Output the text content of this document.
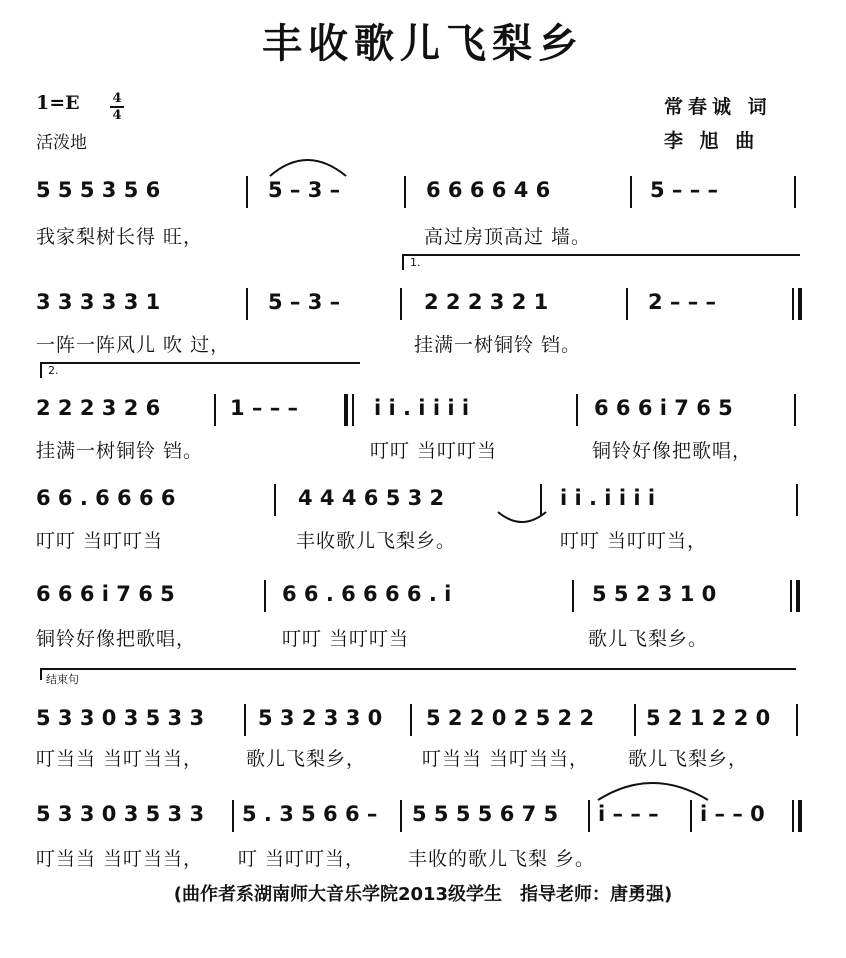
丰收歌儿飞梨乡
1=E	4
4
活泼地
常春诚 词
李 旭 曲
5 5 5 3 5 6	5 – 3 –	6 6 6 6 4 6	5 – – –
我家梨树长得 旺，	高过房顶高过 墙。
1.
3 3 3 3 3 1	5 – 3 –	2 2 2 3 2 1	2 – – –
一阵一阵风儿 吹 过，	挂满一树铜铃 铛。
2.
2 2 2 3 2 6	1 – – –	i i . i i i i	6 6 6 i 7 6 5
挂满一树铜铃 铛。	叮叮 当叮叮当	铜铃好像把歌唱，
6 6 . 6 6 6 6	4 4 4 6 5 3 2	i i . i i i i
叮叮 当叮叮当	丰收歌儿飞梨乡。	叮叮 当叮叮当，
6 6 6 i 7 6 5	6 6 . 6 6 6 6 . i	5 5 2 3 1 0
铜铃好像把歌唱，	叮叮 当叮叮当	歌儿飞梨乡。
结束句
5 3 3 0 3 5 3 3	5 3 2 3 3 0 5 2 2 0 2 5 2 2 5 2 1 2 2 0
叮当当 当叮当当， 歌儿飞梨乡，	叮当当 当叮当当， 歌儿飞梨乡，
5 3 3 0 3 5 3 3 5 . 3 5 6 6 – 5 5 5 5 6 7 5 i – – – i – – 0
叮当当 当叮当当， 叮 当叮叮当， 丰收的歌儿飞梨 乡。
(曲作者系湖南师大音乐学院2013级学生　指导老师：唐勇强)
